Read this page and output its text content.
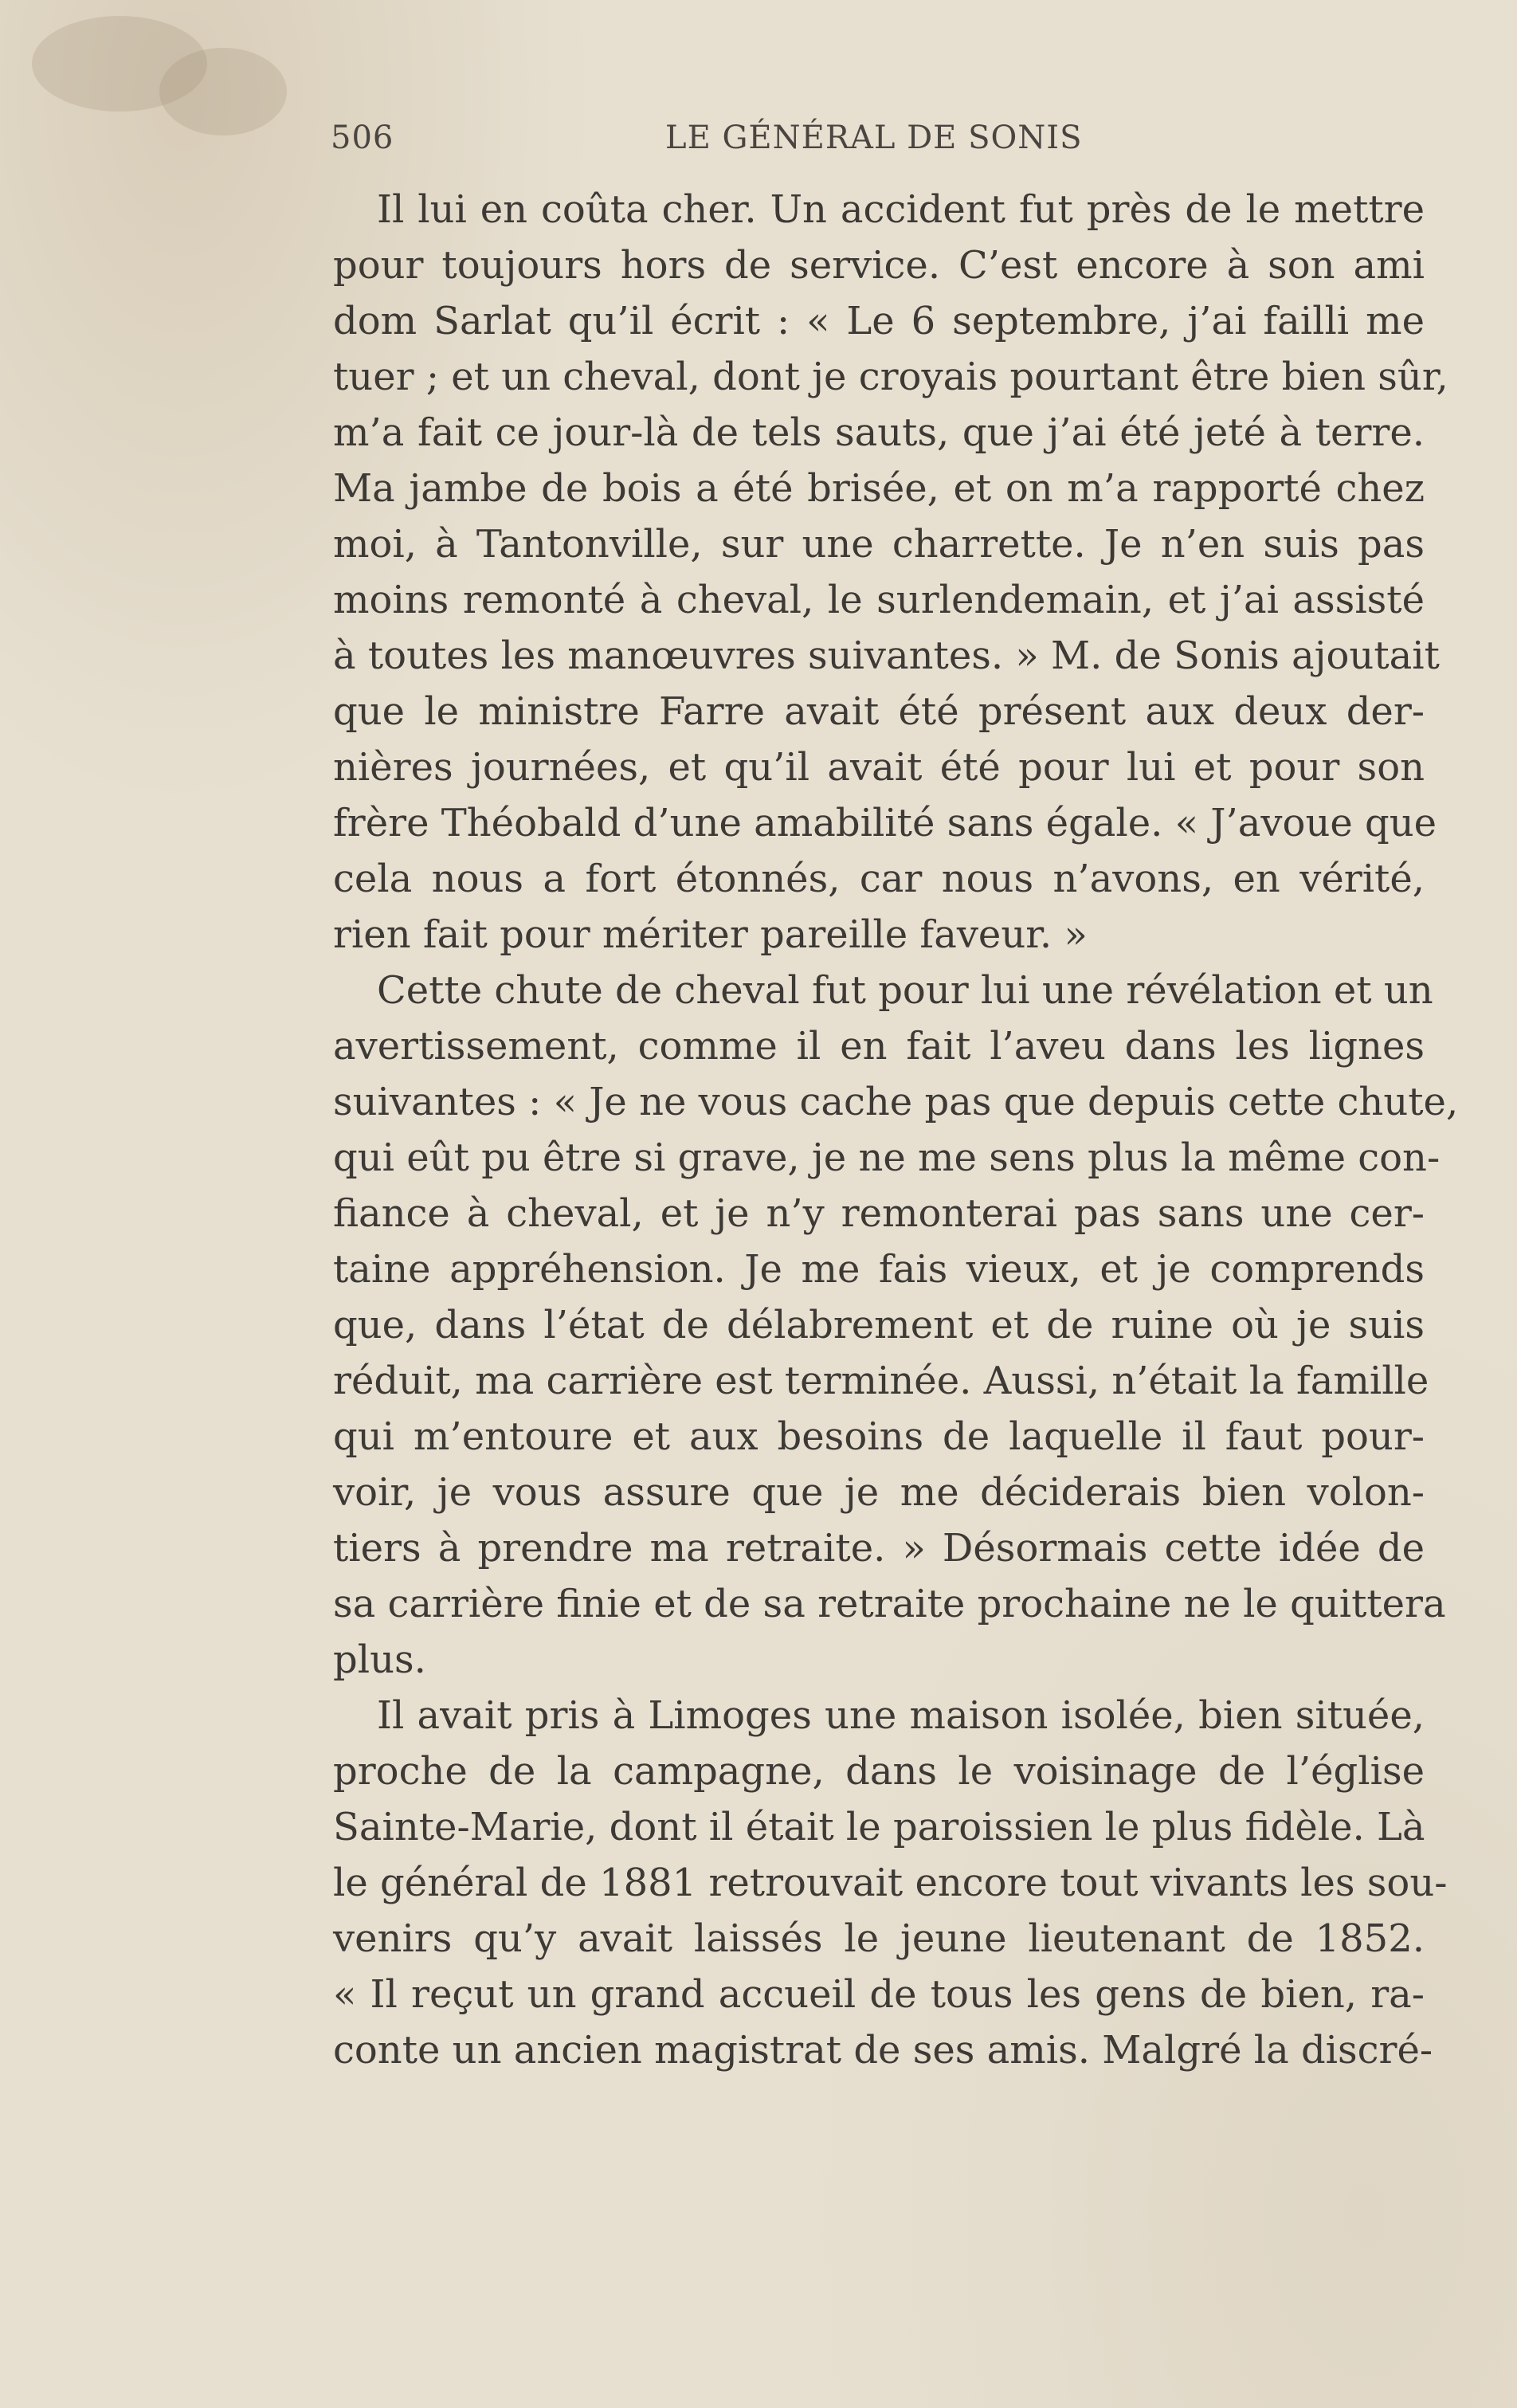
506	LE GÉNÉRAL DE SONIS
Il lui en coûta cher. Un accident fut près de le mettre
pour toujours hors de service. C’est encore à son ami
dom Sarlat qu’il écrit : « Le 6 septembre, j’ai failli me
tuer ; et un cheval, dont je croyais pourtant être bien sûr,
m’a fait ce jour-là de tels sauts, que j’ai été jeté à terre.
Ma jambe de bois a été brisée, et on m’a rapporté chez
moi, à Tantonville, sur une charrette. Je n’en suis pas
moins remonté à cheval, le surlendemain, et j’ai assisté
à toutes les manœuvres suivantes. » M. de Sonis ajoutait
que le ministre Farre avait été présent aux deux der-
nières journées, et qu’il avait été pour lui et pour son
frère Théobald d’une amabilité sans égale. « J’avoue que
cela nous a fort étonnés, car nous n’avons, en vérité,
rien fait pour mériter pareille faveur. »
Cette chute de cheval fut pour lui une révélation et un
avertissement, comme il en fait l’aveu dans les lignes
suivantes : « Je ne vous cache pas que depuis cette chute,
qui eût pu être si grave, je ne me sens plus la même con-
fiance à cheval, et je n’y remonterai pas sans une cer-
taine appréhension. Je me fais vieux, et je comprends
que, dans l’état de délabrement et de ruine où je suis
réduit, ma carrière est terminée. Aussi, n’était la famille
qui m’entoure et aux besoins de laquelle il faut pour-
voir, je vous assure que je me déciderais bien volon-
tiers à prendre ma retraite. » Désormais cette idée de
sa carrière finie et de sa retraite prochaine ne le quittera
plus.
Il avait pris à Limoges une maison isolée, bien située,
proche de la campagne, dans le voisinage de l’église
Sainte-Marie, dont il était le paroissien le plus fidèle. Là
le général de 1881 retrouvait encore tout vivants les sou-
venirs qu’y avait laissés le jeune lieutenant de 1852.
« Il reçut un grand accueil de tous les gens de bien, ra-
conte un ancien magistrat de ses amis. Malgré la discré-
